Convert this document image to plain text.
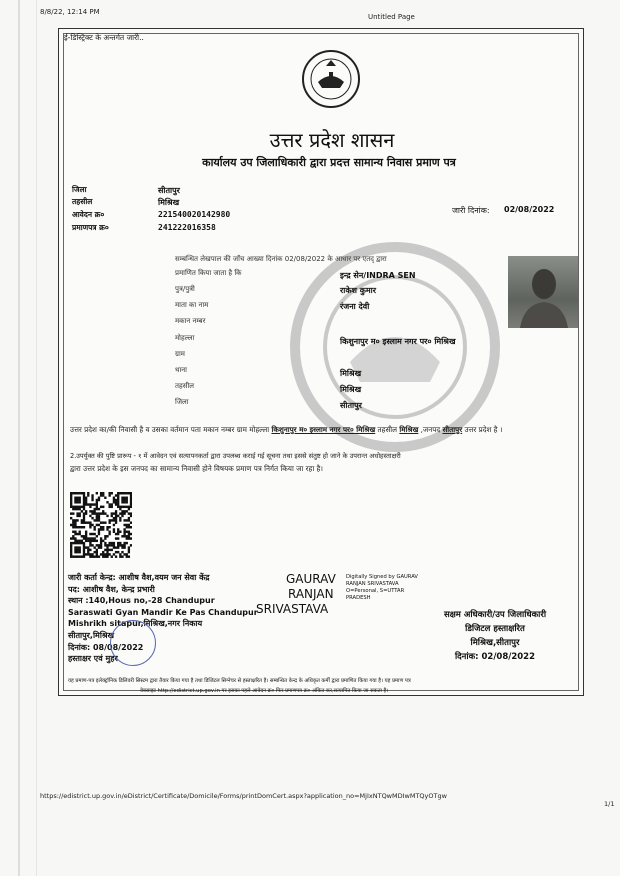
8/8/22, 12:14 PM
Untitled Page
ई-डिस्ट्रिक्ट के अन्तर्गत जारी..
उत्तर प्रदेश शासन
कार्यालय उप जिलाधिकारी द्वारा प्रदत्त सामान्य निवास प्रमाण पत्र
जिला	सीतापुर
तहसील	मिश्रिख
आवेदन क्र०	221540020142980
प्रमाणपत्र क्र०	241222016358
जारी दिनांक: 02/08/2022
सम्बन्धित लेखपाल की जाँच आख्या दिनांक 02/08/2022 के आधार पर एतद् द्वारा
प्रमाणित किया जाता है कि	इन्द्र सेन/INDRA SEN
पुत्र/पुत्री	राकेश कुमार
माता का नाम	रंजना देवी
मकान नम्बर
मोहल्ला	किशुनापुर म० इस्लाम नगर पर० मिश्रिख
ग्राम
थाना	मिश्रिख
तहसील	मिश्रिख
जिला	सीतापुर
उत्तर प्रदेश का/की निवासी है व उसका वर्तमान पता मकान नम्बर ग्राम मोहल्ला किशुनापुर म० इस्लाम नगर पर० मिश्रिख तहसील मिश्रिख ,जनपद सीतापुर उत्तर प्रदेश है ।
2.उपर्युक्त की पुष्टि प्रारूप - १ में आवेदन एवं सत्यापनकर्ता द्वारा उपलब्ध कराई गई सूचना तथा इससे संतुष्ट हो जाने के उपरान्त अधोहस्ताक्षरी
द्वारा उत्तर प्रदेश के इस जनपद का सामान्य निवासी होने विषयक प्रमाण पत्र निर्गत किया जा रहा है।
जारी कर्ता केन्द्र: आशीष वैश,वयम जन सेवा केंद्र
पद: आशीष वैश, केन्द्र प्रभारी
स्थान :140,Hous no,-28 Chandupur
Saraswati Gyan Mandir Ke Pas Chandupur
Mishrikh sitapur,मिश्रिख,नगर निकाय
सीतापुर,मिश्रिख
दिनांक: 08/08/2022
हस्ताक्षर एवं मुहर
GAURAV
RANJAN
SRIVASTAVA
Digitally Signed by GAURAV
RANJAN SRIVASTAVA
O=Personal, S=UTTAR
PRADESH
सक्षम अधिकारी/उप जिलाधिकारी
डिजिटल हस्ताक्षरित
मिश्रिख,सीतापुर
दिनांक: 02/08/2022
यह प्रमाण-पत्र इलेक्ट्रॉनिक डिलिवरी सिस्टम द्वारा तैयार किया गया है तथा डिजिटल सिग्नेचर से हस्ताक्षरित है। सम्बन्धित केन्द्र के अधिकृत कर्मी द्वारा प्रमाणित किया गया है। यह प्रमाण पत्र
वेबसाइट http://edistrict.up.gov.in पर इसका पहले आवेदन क्र० फिर प्रमाणपत्र क्र० अंकित कर,सत्यापित किया जा सकता है।
https://edistrict.up.gov.in/eDistrict/Certificate/Domicile/Forms/printDomCert.aspx?application_no=MjIxNTQwMDIwMTQyOTgw
1/1
